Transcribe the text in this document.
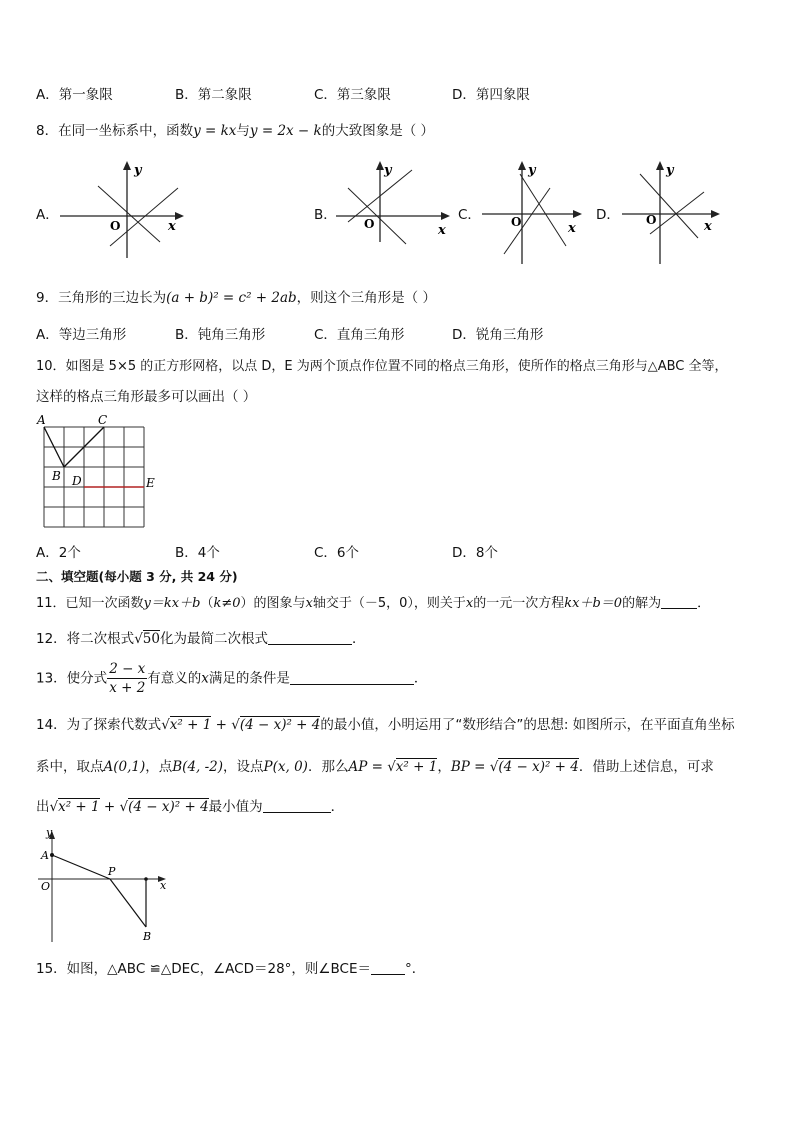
A．第一象限	B．第二象限	C．第三象限	D．第四象限
8．在同一坐标系中，函数y = kx与y = 2x − k的大致图象是（ ）
A．	B．	C．	D．
y
x
O
y
x
O
y
x
O
y
x
O
9．三角形的三边长为(a + b)² = c² + 2ab，则这个三角形是（ ）
A．等边三角形	B．钝角三角形	C．直角三角形	D．锐角三角形
10．如图是 5×5 的正方形网格，以点 D，E 为两个顶点作位置不同的格点三角形，使所作的格点三角形与△ABC 全等，
这样的格点三角形最多可以画出（ ）
A	C
B D	E
A．2个	B．4个	C．6个	D．8个
二、填空题(每小题 3 分, 共 24 分)
11．已知一次函数y＝kx＋b（k≠0）的图象与x轴交于（－5，0），则关于x的一元一次方程kx＋b＝0的解为	．
12．将二次根式√50化为最简二次根式	．
13．使分式 $\frac{2 - x}{x + 2}$ 有意义的x满足的条件是	．
14．为了探索代数式√x² + 1 + √(4 − x)² + 4的最小值，小明运用了“数形结合”的思想: 如图所示，在平面直角坐标
系中，取点A(0,1)，点B(4, -2)，设点P(x, 0)．那么AP = √x² + 1，BP = √(4 − x)² + 4．借助上述信息，可求
出√x² + 1 + √(4 − x)² + 4最小值为	．
y
x
A
O
P
B
15．如图，△ABC ≌△DEC，∠ACD＝28°，则∠BCE＝	°．
